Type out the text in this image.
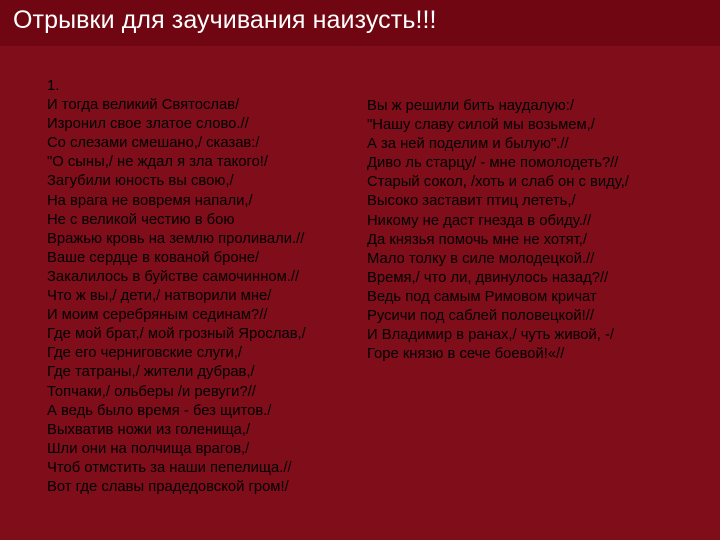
Отрывки для заучивания наизусть!!!
1.
И тогда великий Святослав/
Изронил свое златое слово.//
Со слезами смешано,/ сказав:/
"О сыны,/ не ждал я зла такого!/
Загубили юность вы свою,/
На врага не вовремя напали,/
Не с великой честию в бою
Вражью кровь на землю проливали.//
Ваше сердце в кованой броне/
Закалилось в буйстве самочинном.//
Что ж вы,/ дети,/ натворили мне/
И моим серебряным сединам?//
Где мой брат,/ мой грозный Ярослав,/
Где его черниговские слуги,/
Где татраны,/ жители дубрав,/
Топчаки,/ ольберы /и ревуги?//
А ведь было время - без щитов./
Выхватив ножи из голенища,/
Шли они на полчища врагов,/
Чтоб отмстить за наши пепелища.//
Вот где славы прадедовской гром!/
Вы ж решили бить наудалую:/
"Нашу славу силой мы возьмем,/
А за ней поделим и былую".//
Диво ль старцу/ - мне помолодеть?//
Старый сокол, /хоть и слаб он с виду,/
Высоко заставит птиц лететь,/
Никому не даст гнезда в обиду.//
Да князья помочь мне не хотят,/
Мало толку в силе молодецкой.//
Время,/ что ли, двинулось назад?//
Ведь под самым Римовом кричат
Русичи под саблей половецкой!//
И Владимир в ранах,/ чуть живой, -/
Горе князю в сече боевой!«//
